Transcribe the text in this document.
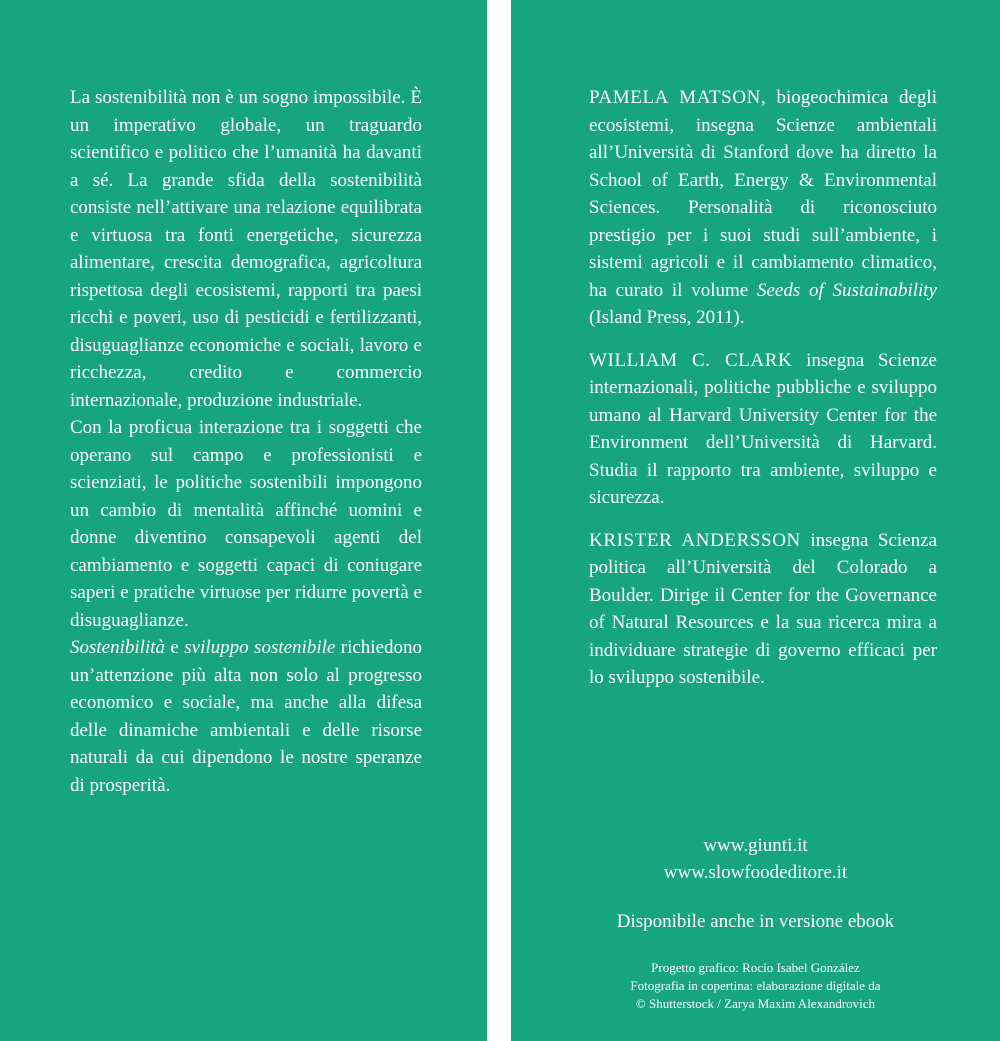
La sostenibilità non è un sogno impossibile. È un imperativo globale, un traguardo scientifico e politico che l’umanità ha davanti a sé. La grande sfida della sostenibilità consiste nell’attivare una relazione equilibrata e virtuosa tra fonti energetiche, sicurezza alimentare, crescita demografica, agricoltura rispettosa degli ecosistemi, rapporti tra paesi ricchi e poveri, uso di pesticidi e fertilizzanti, disuguaglianze economiche e sociali, lavoro e ricchezza, credito e commercio internazionale, produzione industriale.

Con la proficua interazione tra i soggetti che operano sul campo e professionisti e scienziati, le politiche sostenibili impongono un cambio di mentalità affinché uomini e donne diventino consapevoli agenti del cambiamento e soggetti capaci di coniugare saperi e pratiche virtuose per ridurre povertà e disuguaglianze.

Sostenibilità e sviluppo sostenibile richiedono un’attenzione più alta non solo al progresso economico e sociale, ma anche alla difesa delle dinamiche ambientali e delle risorse naturali da cui dipendono le nostre speranze di prosperità.

PAMELA MATSON, biogeochimica degli ecosistemi, insegna Scienze ambientali all’Università di Stanford dove ha diretto la School of Earth, Energy & Environmental Sciences. Personalità di riconosciuto prestigio per i suoi studi sull’ambiente, i sistemi agricoli e il cambiamento climatico, ha curato il volume Seeds of Sustainability (Island Press, 2011).

WILLIAM C. CLARK insegna Scienze internazionali, politiche pubbliche e sviluppo umano al Harvard University Center for the Environment dell’Università di Harvard. Studia il rapporto tra ambiente, sviluppo e sicurezza.

KRISTER ANDERSSON insegna Scienza politica all’Università del Colorado a Boulder. Dirige il Center for the Governance of Natural Resources e la sua ricerca mira a individuare strategie di governo efficaci per lo sviluppo sostenibile.

www.giunti.it
www.slowfoodeditore.it
Disponibile anche in versione ebook
Progetto grafico: Rocío Isabel González
Fotografia in copertina: elaborazione digitale da
© Shutterstock / Zarya Maxim Alexandrovich
